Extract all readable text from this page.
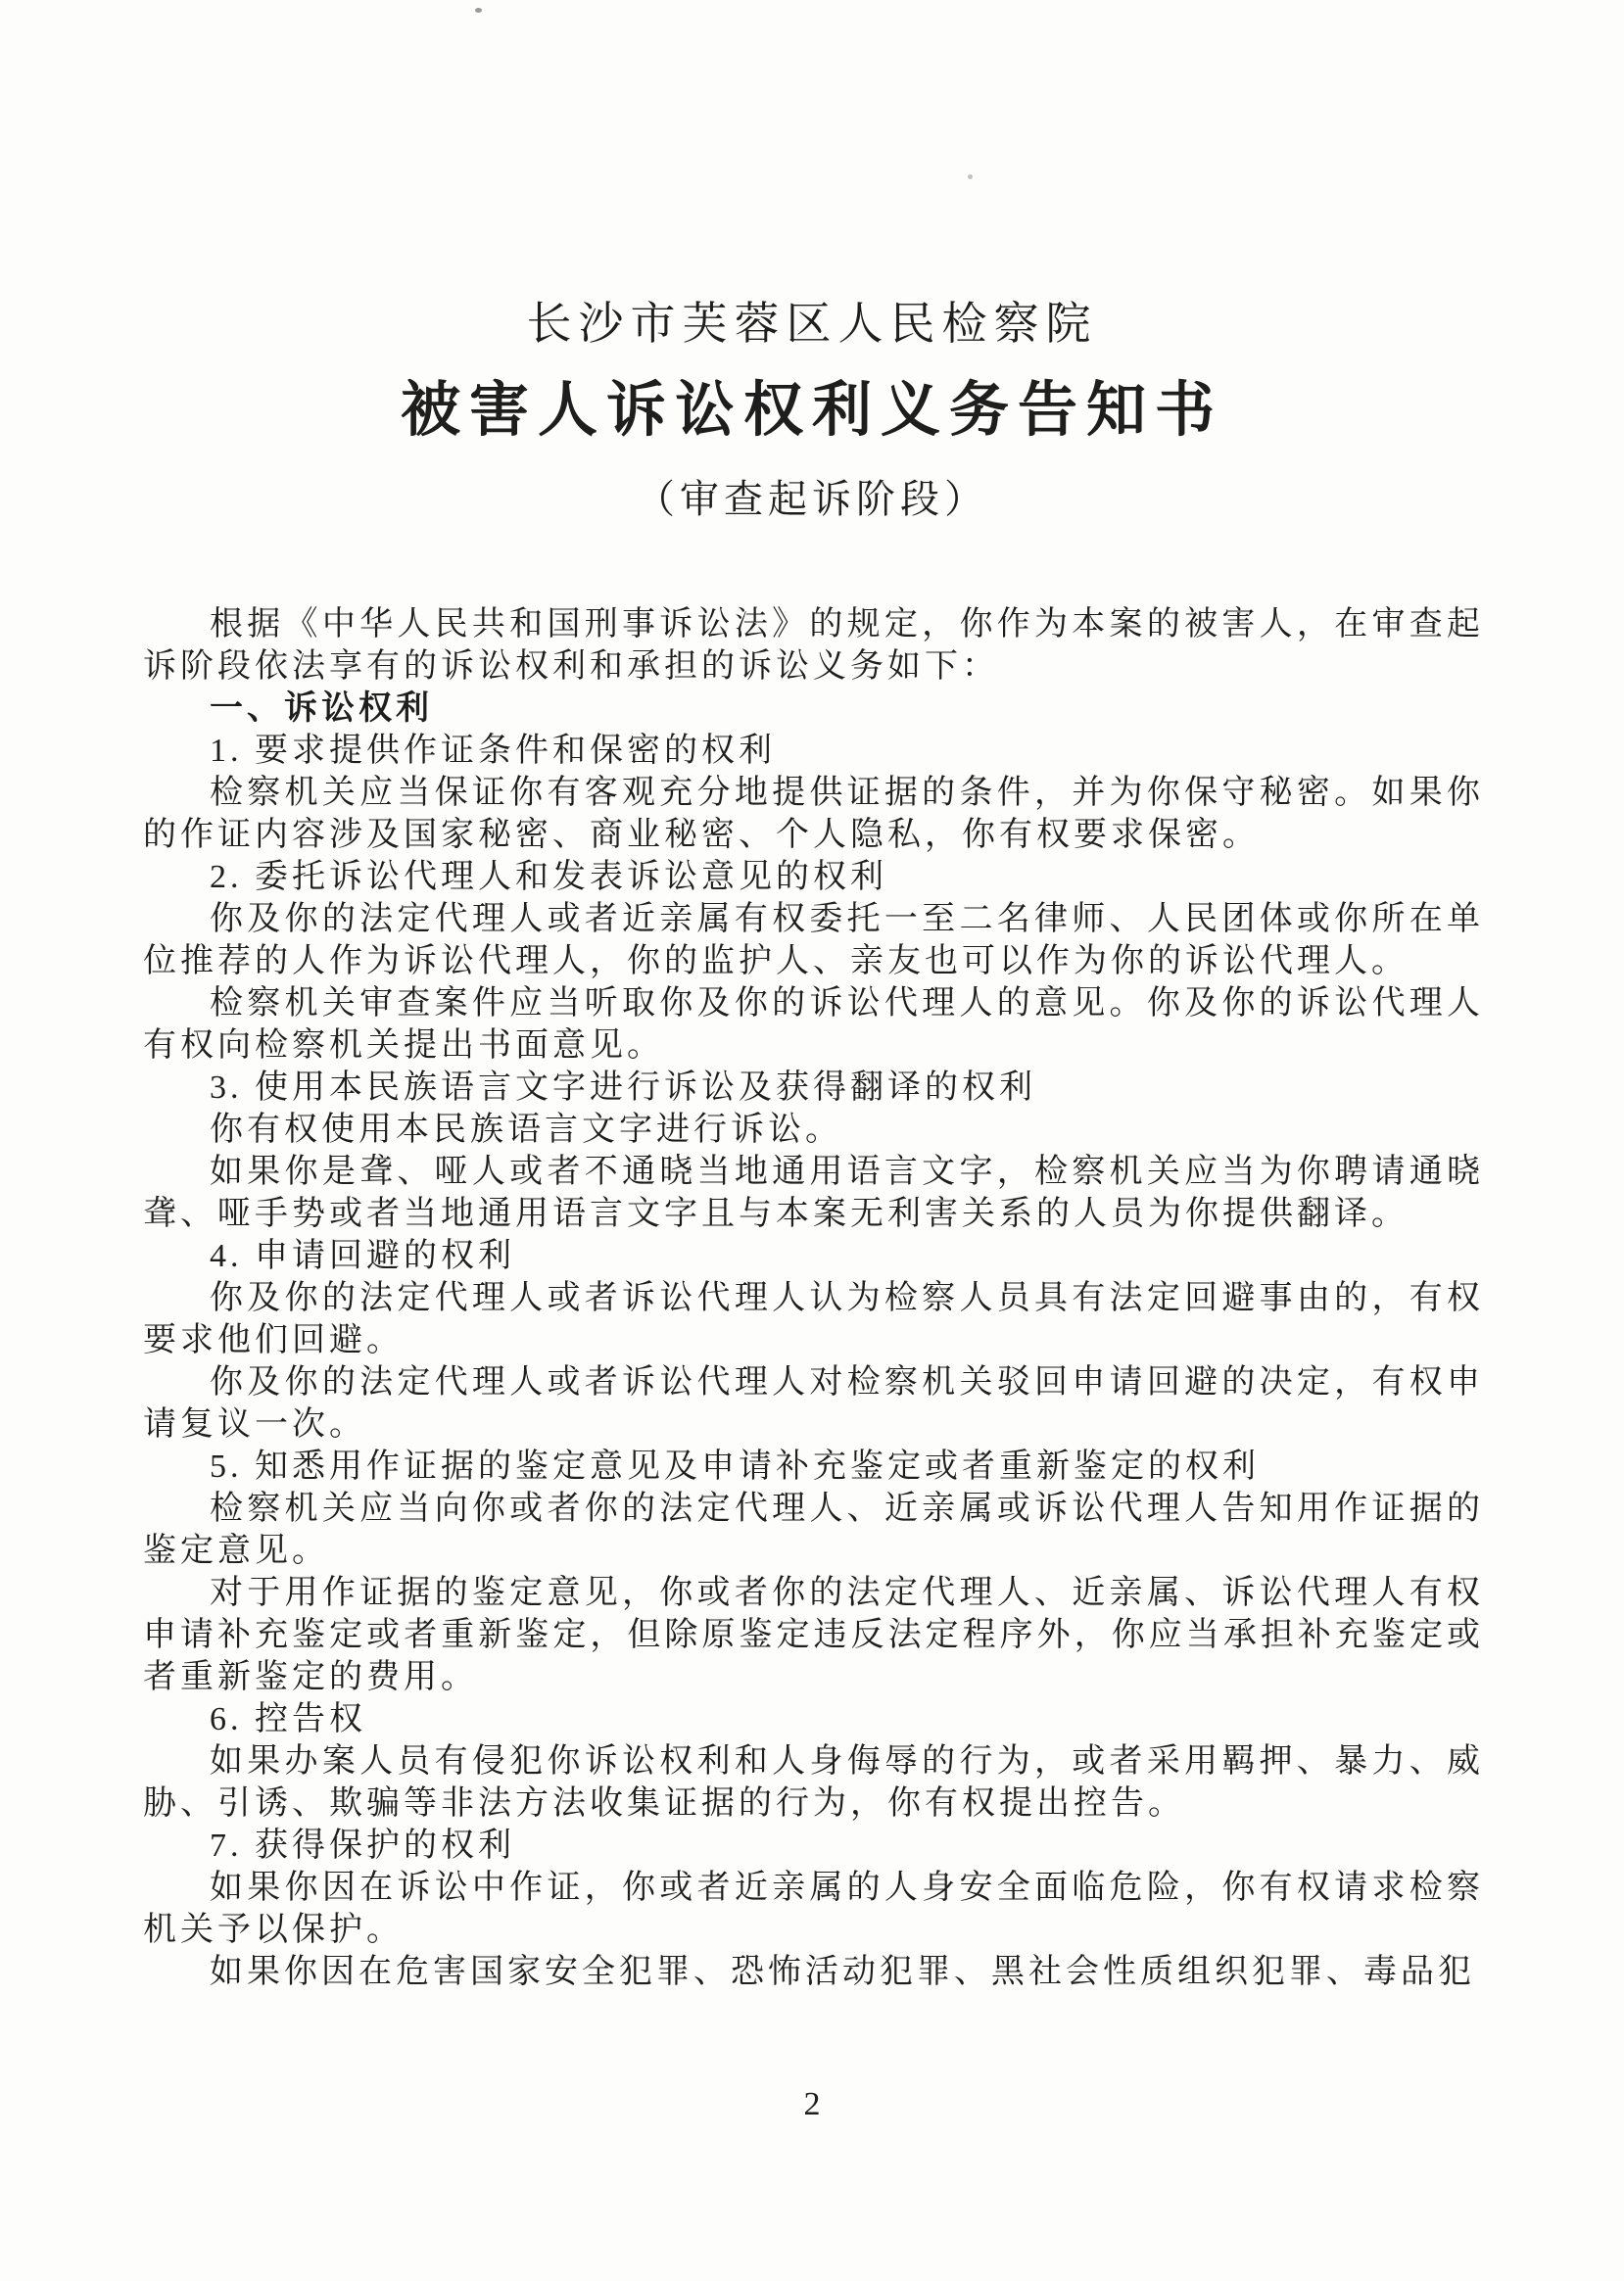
长沙市芙蓉区人民检察院
被害人诉讼权利义务告知书
（审查起诉阶段）

根据《中华人民共和国刑事诉讼法》的规定，你作为本案的被害人，在审查起诉阶段依法享有的诉讼权利和承担的诉讼义务如下：

一、诉讼权利

1. 要求提供作证条件和保密的权利

检察机关应当保证你有客观充分地提供证据的条件，并为你保守秘密。如果你的作证内容涉及国家秘密、商业秘密、个人隐私，你有权要求保密。

2. 委托诉讼代理人和发表诉讼意见的权利

你及你的法定代理人或者近亲属有权委托一至二名律师、人民团体或你所在单位推荐的人作为诉讼代理人，你的监护人、亲友也可以作为你的诉讼代理人。

检察机关审查案件应当听取你及你的诉讼代理人的意见。你及你的诉讼代理人有权向检察机关提出书面意见。

3. 使用本民族语言文字进行诉讼及获得翻译的权利

你有权使用本民族语言文字进行诉讼。

如果你是聋、哑人或者不通晓当地通用语言文字，检察机关应当为你聘请通晓聋、哑手势或者当地通用语言文字且与本案无利害关系的人员为你提供翻译。

4. 申请回避的权利

你及你的法定代理人或者诉讼代理人认为检察人员具有法定回避事由的，有权要求他们回避。

你及你的法定代理人或者诉讼代理人对检察机关驳回申请回避的决定，有权申请复议一次。

5. 知悉用作证据的鉴定意见及申请补充鉴定或者重新鉴定的权利

检察机关应当向你或者你的法定代理人、近亲属或诉讼代理人告知用作证据的鉴定意见。

对于用作证据的鉴定意见，你或者你的法定代理人、近亲属、诉讼代理人有权申请补充鉴定或者重新鉴定，但除原鉴定违反法定程序外，你应当承担补充鉴定或者重新鉴定的费用。

6. 控告权

如果办案人员有侵犯你诉讼权利和人身侮辱的行为，或者采用羁押、暴力、威胁、引诱、欺骗等非法方法收集证据的行为，你有权提出控告。

7. 获得保护的权利

如果你因在诉讼中作证，你或者近亲属的人身安全面临危险，你有权请求检察机关予以保护。

如果你因在危害国家安全犯罪、恐怖活动犯罪、黑社会性质组织犯罪、毒品犯

2
